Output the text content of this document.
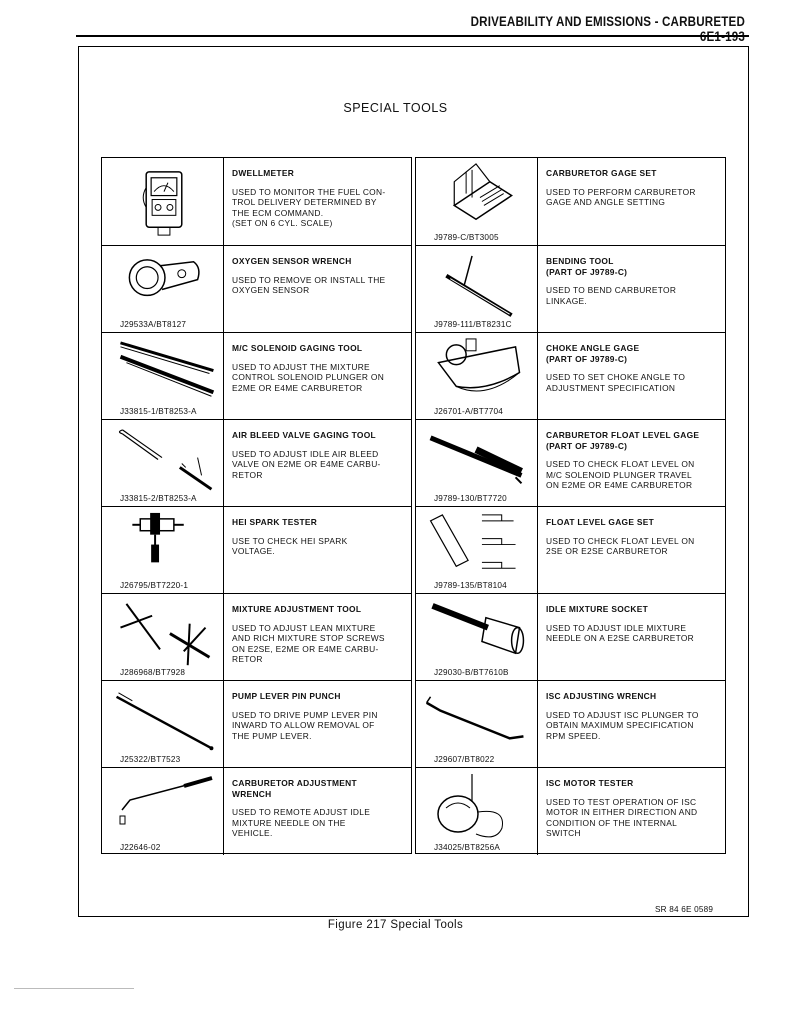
DRIVEABILITY AND EMISSIONS - CARBURETED
SPECIAL TOOLS
DWELLMETER
USED TO MONITOR THE FUEL CON-
TROL DELIVERY DETERMINED BY
THE ECM COMMAND.
(SET ON 6 CYL. SCALE)
J29533A/BT8127
OXYGEN SENSOR WRENCH
USED TO REMOVE OR INSTALL THE
OXYGEN SENSOR
J33815-1/BT8253-A
M/C SOLENOID GAGING TOOL
USED TO ADJUST THE MIXTURE
CONTROL SOLENOID PLUNGER ON
E2ME OR E4ME CARBURETOR
J33815-2/BT8253-A
AIR BLEED VALVE GAGING TOOL
USED TO ADJUST IDLE AIR BLEED
VALVE ON E2ME OR E4ME CARBU-
RETOR
J26795/BT7220-1
HEI SPARK TESTER
USE TO CHECK HEI SPARK
VOLTAGE.
J286968/BT7928
MIXTURE ADJUSTMENT TOOL
USED TO ADJUST LEAN MIXTURE
AND RICH MIXTURE STOP SCREWS
ON E2SE, E2ME OR E4ME CARBU-
RETOR
J25322/BT7523
PUMP LEVER PIN PUNCH
USED TO DRIVE PUMP LEVER PIN
INWARD TO ALLOW REMOVAL OF
THE PUMP LEVER.
J22646-02
CARBURETOR ADJUSTMENT
WRENCH
USED TO REMOTE ADJUST IDLE
MIXTURE NEEDLE ON THE
VEHICLE.
J9789-C/BT3005
CARBURETOR GAGE SET
USED TO PERFORM CARBURETOR
GAGE AND ANGLE SETTING
J9789-111/BT8231C
BENDING TOOL
(PART OF J9789-C)
USED TO BEND CARBURETOR
LINKAGE.
J26701-A/BT7704
CHOKE ANGLE GAGE
(PART OF J9789-C)
USED TO SET CHOKE ANGLE TO
ADJUSTMENT SPECIFICATION
J9789-130/BT7720
CARBURETOR FLOAT LEVEL GAGE
(PART OF J9789-C)
USED TO CHECK FLOAT LEVEL ON
M/C SOLENOID PLUNGER TRAVEL
ON E2ME OR E4ME CARBURETOR
J9789-135/BT8104
FLOAT LEVEL GAGE SET
USED TO CHECK FLOAT LEVEL ON
2SE OR E2SE CARBURETOR
J29030-B/BT7610B
IDLE MIXTURE SOCKET
USED TO ADJUST IDLE MIXTURE
NEEDLE ON A E2SE CARBURETOR
J29607/BT8022
ISC ADJUSTING WRENCH
USED TO ADJUST ISC PLUNGER TO
OBTAIN MAXIMUM SPECIFICATION
RPM SPEED.
J34025/BT8256A
ISC MOTOR TESTER
USED TO TEST OPERATION OF ISC
MOTOR IN EITHER DIRECTION AND
CONDITION OF THE INTERNAL
SWITCH
SR 84 6E 0589
Figure 217 Special Tools
